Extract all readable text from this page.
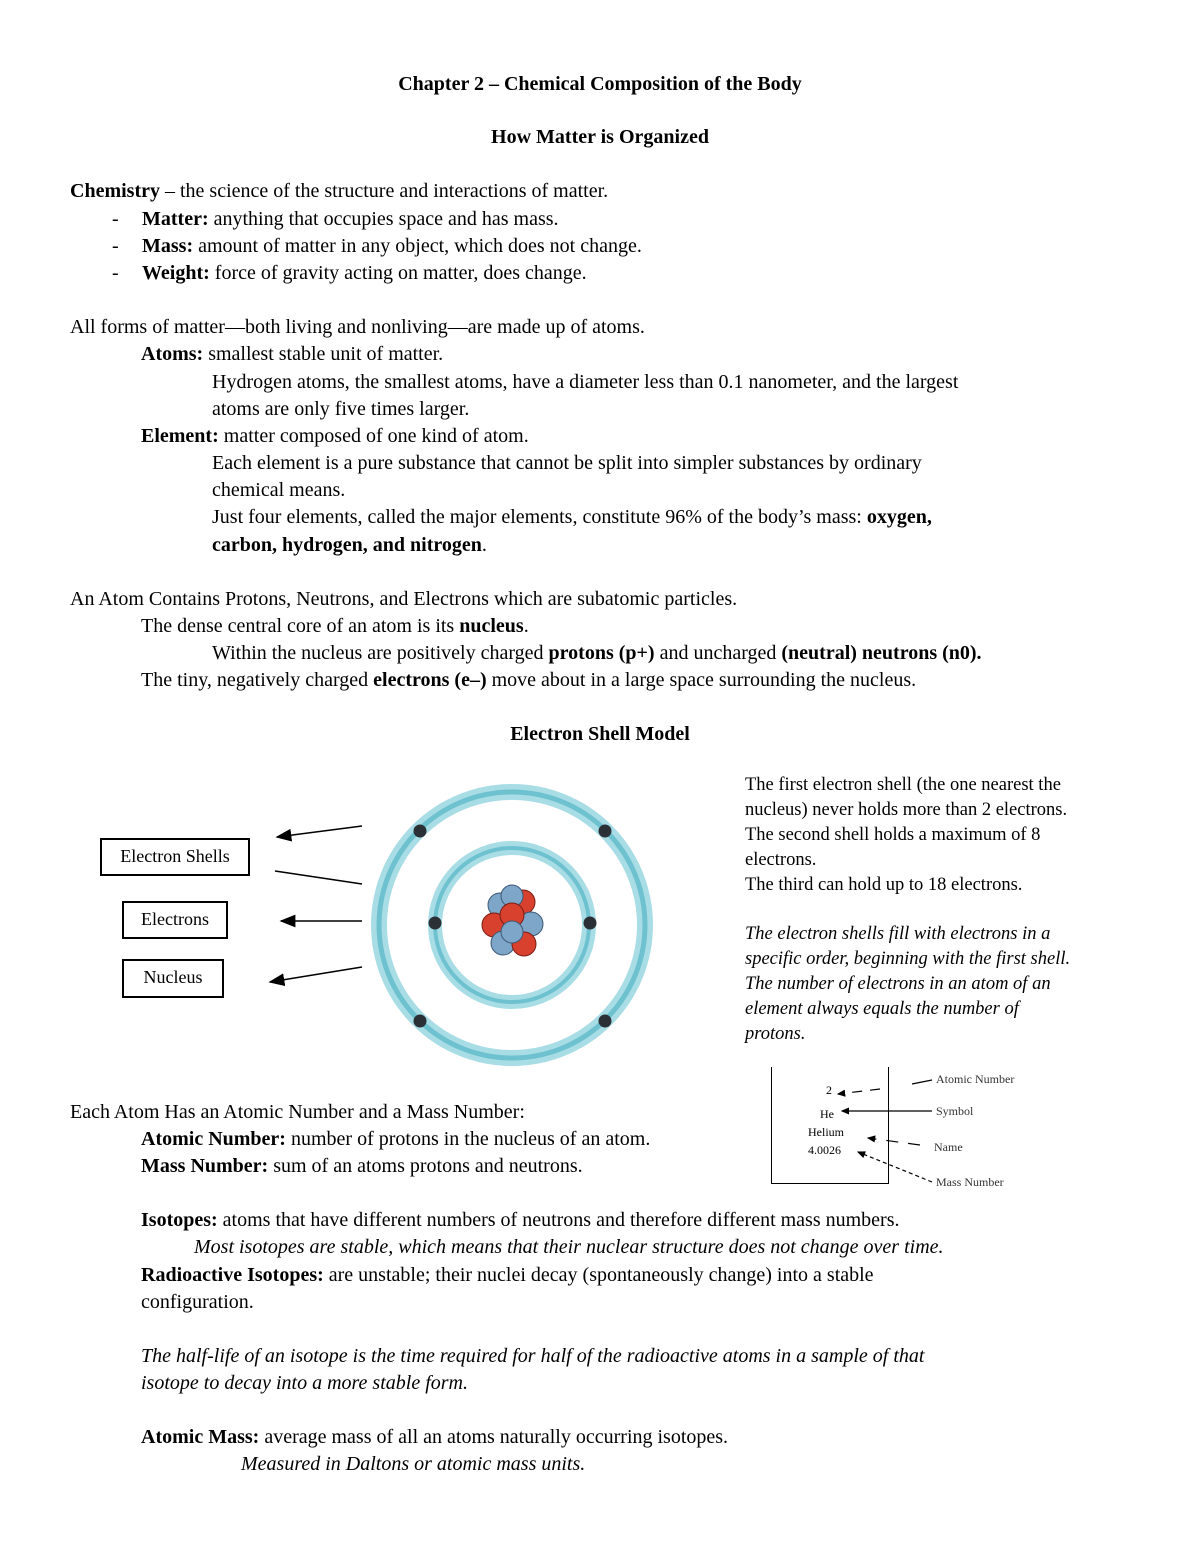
Chapter 2 – Chemical Composition of the Body
How Matter is Organized
Chemistry – the science of the structure and interactions of matter.
- Matter: anything that occupies space and has mass.
- Mass: amount of matter in any object, which does not change.
- Weight: force of gravity acting on matter, does change.
All forms of matter—both living and nonliving—are made up of atoms.
Atoms: smallest stable unit of matter.
Hydrogen atoms, the smallest atoms, have a diameter less than 0.1 nanometer, and the largest
atoms are only five times larger.
Element: matter composed of one kind of atom.
Each element is a pure substance that cannot be split into simpler substances by ordinary
chemical means.
Just four elements, called the major elements, constitute 96% of the body’s mass: oxygen,
carbon, hydrogen, and nitrogen.
An Atom Contains Protons, Neutrons, and Electrons which are subatomic particles.
The dense central core of an atom is its nucleus.
Within the nucleus are positively charged protons (p+) and uncharged (neutral) neutrons (n0).
The tiny, negatively charged electrons (e–) move about in a large space surrounding the nucleus.
Electron Shell Model
Electron Shells
Electrons
Nucleus
The first electron shell (the one nearest the
nucleus) never holds more than 2 electrons.
The second shell holds a maximum of 8
electrons.
The third can hold up to 18 electrons.
The electron shells fill with electrons in a
specific order, beginning with the first shell.
The number of electrons in an atom of an
element always equals the number of
protons.
2
He
Helium
4.0026
Atomic Number
Symbol
Name
Mass Number
Each Atom Has an Atomic Number and a Mass Number:
Atomic Number: number of protons in the nucleus of an atom.
Mass Number: sum of an atoms protons and neutrons.
Isotopes: atoms that have different numbers of neutrons and therefore different mass numbers.
Most isotopes are stable, which means that their nuclear structure does not change over time.
Radioactive Isotopes: are unstable; their nuclei decay (spontaneously change) into a stable
configuration.
The half-life of an isotope is the time required for half of the radioactive atoms in a sample of that
isotope to decay into a more stable form.
Atomic Mass: average mass of all an atoms naturally occurring isotopes.
Measured in Daltons or atomic mass units.
